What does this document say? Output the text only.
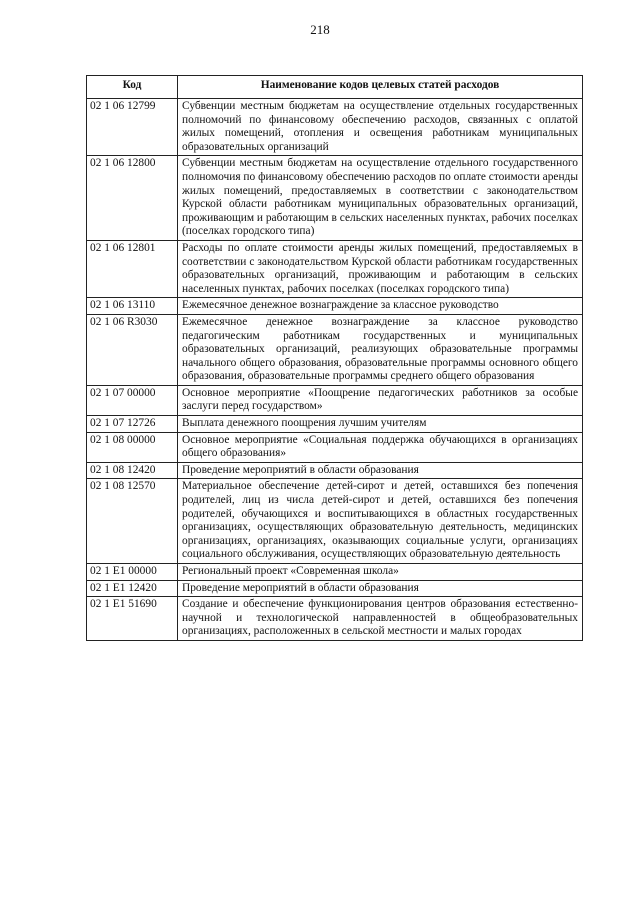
218
Код	Наименование кодов целевых статей расходов
02 1 06 12799	Субвенции местным бюджетам на осуществление отдельных государственных полномочий по финансовому обеспечению расходов, связанных с оплатой жилых помещений, отопления и освещения работникам муниципальных образовательных организаций
02 1 06 12800	Субвенции местным бюджетам на осуществление отдельного государственного полномочия по финансовому обеспечению расходов по оплате стоимости аренды жилых помещений, предоставляемых в соответствии с законодательством Курской области работникам муниципальных образовательных организаций, проживающим и работающим в сельских населенных пунктах, рабочих поселках (поселках городского типа)
02 1 06 12801	Расходы по оплате стоимости аренды жилых помещений, предоставляемых в соответствии с законодательством Курской области работникам государственных образовательных организаций, проживающим и работающим в сельских населенных пунктах, рабочих поселках (поселках городского типа)
02 1 06 13110	Ежемесячное денежное вознаграждение за классное руководство
02 1 06 R3030	Ежемесячное денежное вознаграждение за классное руководство педагогическим работникам государственных и муниципальных образовательных организаций, реализующих образовательные программы начального общего образования, образовательные программы основного общего образования, образовательные программы среднего общего образования
02 1 07 00000	Основное мероприятие «Поощрение педагогических работников за особые заслуги перед государством»
02 1 07 12726	Выплата денежного поощрения лучшим учителям
02 1 08 00000	Основное мероприятие «Социальная поддержка обучающихся в организациях общего образования»
02 1 08 12420	Проведение мероприятий в области образования
02 1 08 12570	Материальное обеспечение детей-сирот и детей, оставшихся без попечения родителей, лиц из числа детей-сирот и детей, оставшихся без попечения родителей, обучающихся и воспитывающихся в областных государственных организациях, осуществляющих образовательную деятельность, медицинских организациях, организациях, оказывающих социальные услуги, организациях социального обслуживания, осуществляющих образовательную деятельность
02 1 E1 00000	Региональный проект «Современная школа»
02 1 E1 12420	Проведение мероприятий в области образования
02 1 E1 51690	Создание и обеспечение функционирования центров образования естественно-научной и технологической направленностей в общеобразовательных организациях, расположенных в сельской местности и малых городах
